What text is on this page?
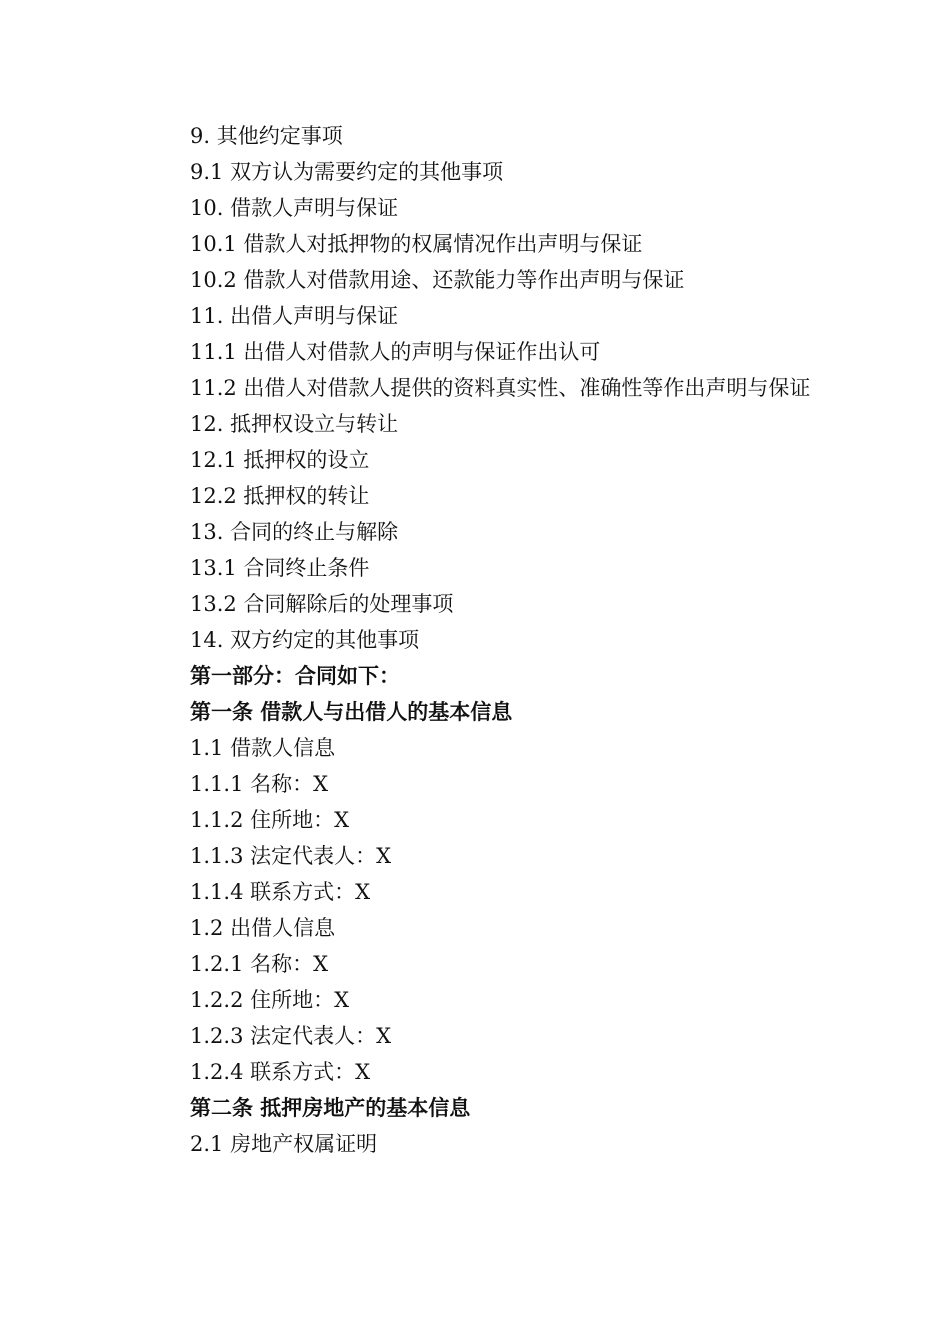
9. 其他约定事项
9.1 双方认为需要约定的其他事项
10. 借款人声明与保证
10.1 借款人对抵押物的权属情况作出声明与保证
10.2 借款人对借款用途、还款能力等作出声明与保证
11. 出借人声明与保证
11.1 出借人对借款人的声明与保证作出认可
11.2 出借人对借款人提供的资料真实性、准确性等作出声明与保证
12. 抵押权设立与转让
12.1 抵押权的设立
12.2 抵押权的转让
13. 合同的终止与解除
13.1 合同终止条件
13.2 合同解除后的处理事项
14. 双方约定的其他事项
第一部分：合同如下：
第一条 借款人与出借人的基本信息
1.1 借款人信息
1.1.1 名称：X
1.1.2 住所地：X
1.1.3 法定代表人：X
1.1.4 联系方式：X
1.2 出借人信息
1.2.1 名称：X
1.2.2 住所地：X
1.2.3 法定代表人：X
1.2.4 联系方式：X
第二条 抵押房地产的基本信息
2.1 房地产权属证明
